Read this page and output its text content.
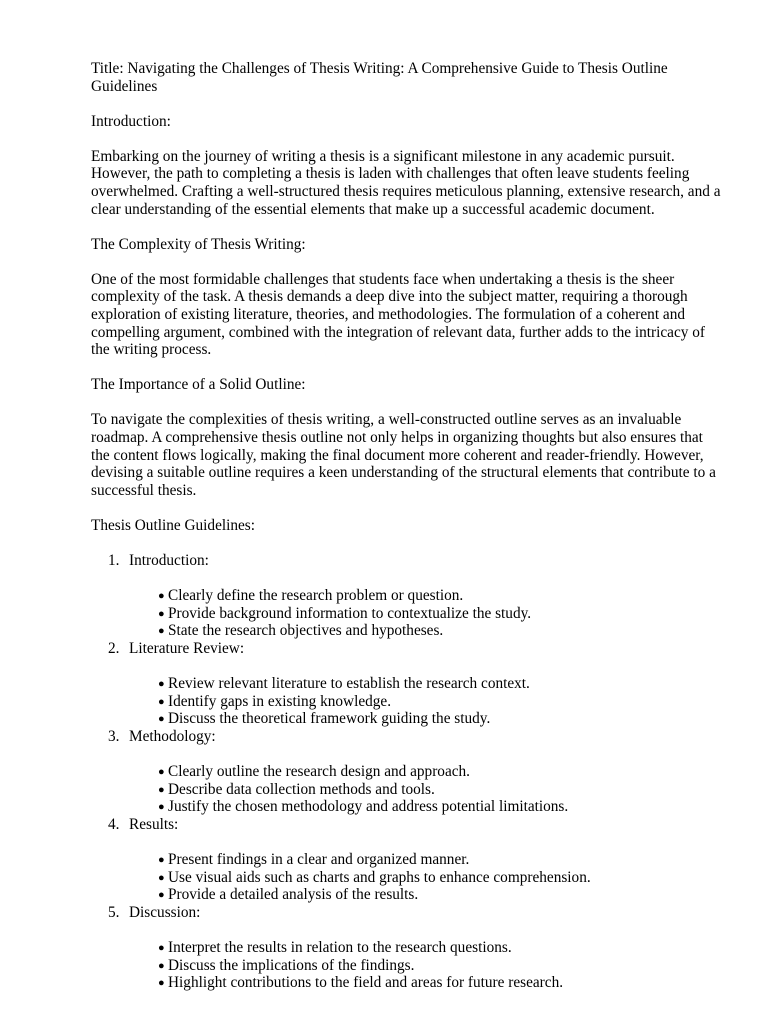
Title: Navigating the Challenges of Thesis Writing: A Comprehensive Guide to Thesis Outline Guidelines

Introduction:

Embarking on the journey of writing a thesis is a significant milestone in any academic pursuit. However, the path to completing a thesis is laden with challenges that often leave students feeling overwhelmed. Crafting a well-structured thesis requires meticulous planning, extensive research, and a clear understanding of the essential elements that make up a successful academic document.

The Complexity of Thesis Writing:

One of the most formidable challenges that students face when undertaking a thesis is the sheer complexity of the task. A thesis demands a deep dive into the subject matter, requiring a thorough exploration of existing literature, theories, and methodologies. The formulation of a coherent and compelling argument, combined with the integration of relevant data, further adds to the intricacy of the writing process.

The Importance of a Solid Outline:

To navigate the complexities of thesis writing, a well-constructed outline serves as an invaluable roadmap. A comprehensive thesis outline not only helps in organizing thoughts but also ensures that the content flows logically, making the final document more coherent and reader-friendly. However, devising a suitable outline requires a keen understanding of the structural elements that contribute to a successful thesis.

Thesis Outline Guidelines:

1. Introduction:
● Clearly define the research problem or question.
● Provide background information to contextualize the study.
● State the research objectives and hypotheses.
2. Literature Review:
● Review relevant literature to establish the research context.
● Identify gaps in existing knowledge.
● Discuss the theoretical framework guiding the study.
3. Methodology:
● Clearly outline the research design and approach.
● Describe data collection methods and tools.
● Justify the chosen methodology and address potential limitations.
4. Results:
● Present findings in a clear and organized manner.
● Use visual aids such as charts and graphs to enhance comprehension.
● Provide a detailed analysis of the results.
5. Discussion:
● Interpret the results in relation to the research questions.
● Discuss the implications of the findings.
● Highlight contributions to the field and areas for future research.
